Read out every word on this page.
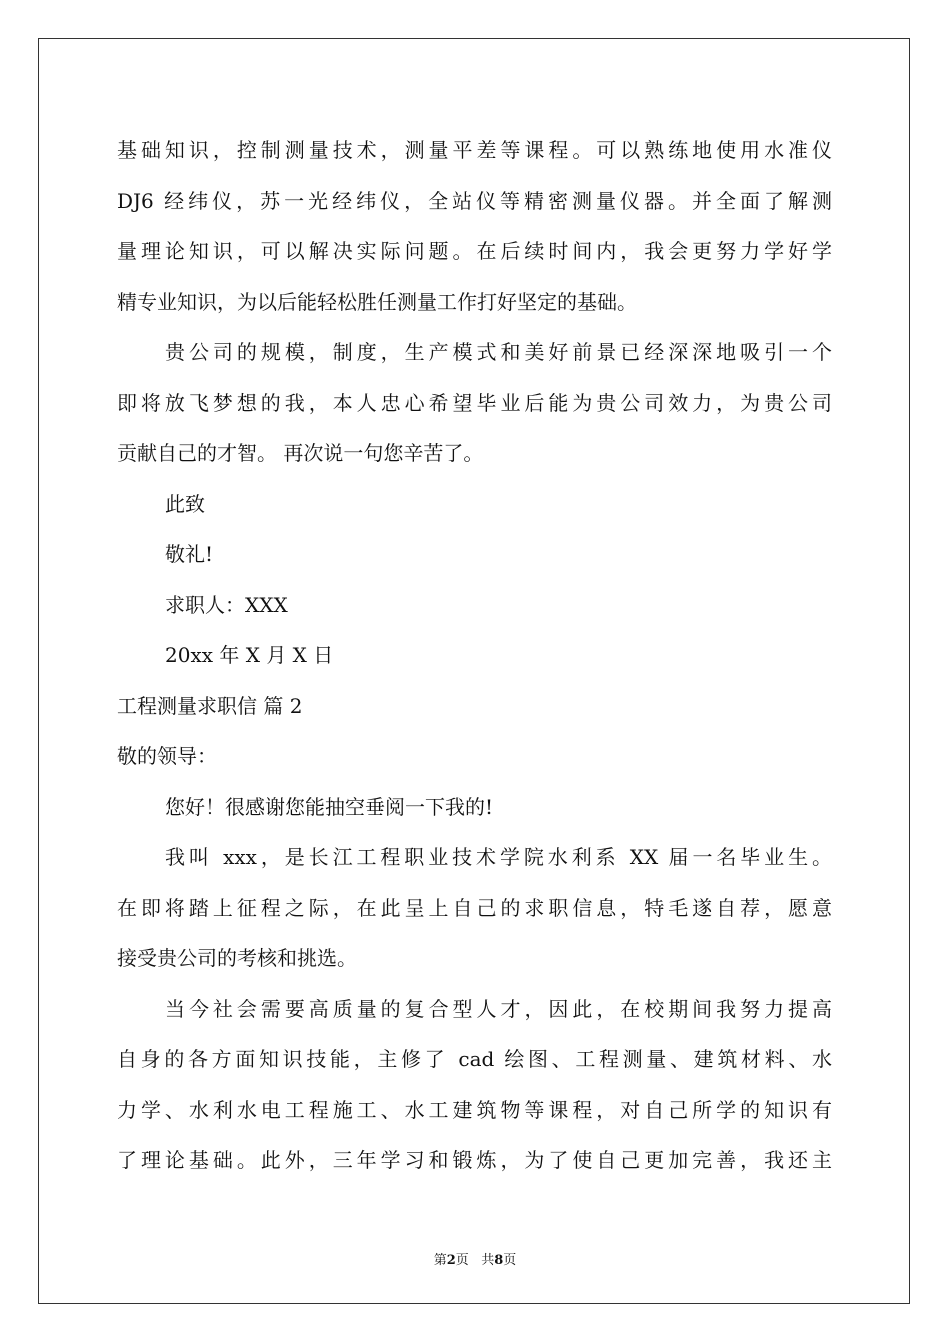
基础知识，控制测量技术，测量平差等课程。可以熟练地使用水准仪
DJ6 经纬仪，苏一光经纬仪，全站仪等精密测量仪器。并全面了解测
量理论知识，可以解决实际问题。在后续时间内，我会更努力学好学
精专业知识，为以后能轻松胜任测量工作打好坚定的基础。
贵公司的规模，制度，生产模式和美好前景已经深深地吸引一个
即将放飞梦想的我，本人忠心希望毕业后能为贵公司效力，为贵公司
贡献自己的才智。 再次说一句您辛苦了。
此致
敬礼!
求职人：XXX
20xx 年 X 月 X 日
工程测量求职信 篇 2
敬的领导：
您好！很感谢您能抽空垂阅一下我的!
我叫 xxx，是长江工程职业技术学院水利系 XX 届一名毕业生。
在即将踏上征程之际，在此呈上自己的求职信息，特毛遂自荐，愿意
接受贵公司的考核和挑选。
当今社会需要高质量的复合型人才，因此，在校期间我努力提高
自身的各方面知识技能，主修了 cad 绘图、工程测量、建筑材料、水
力学、水利水电工程施工、水工建筑物等课程，对自己所学的知识有
了理论基础。此外，三年学习和锻炼，为了使自己更加完善，我还主
第2页 共8页
